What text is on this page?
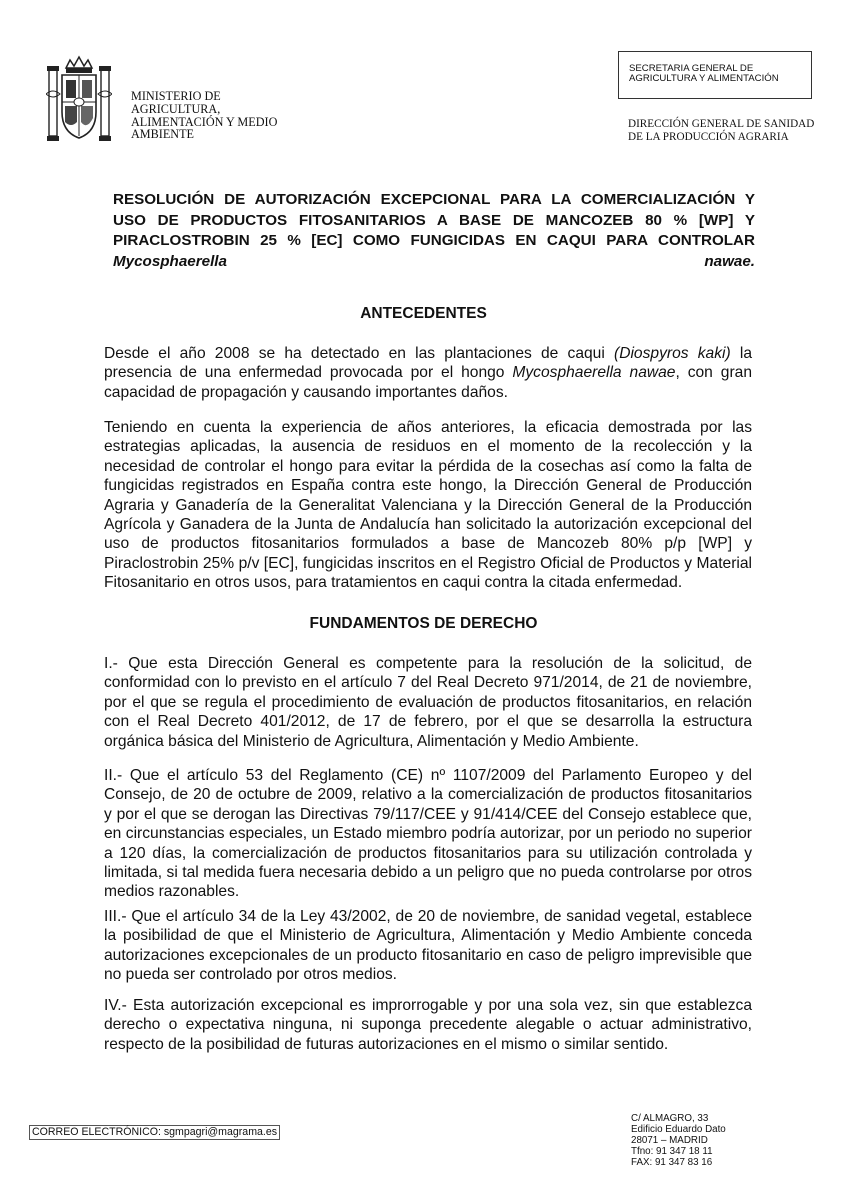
MINISTERIO DE
AGRICULTURA,
ALIMENTACIÓN Y MEDIO
AMBIENTE
SECRETARIA GENERAL DE
AGRICULTURA Y ALIMENTACIÓN
DIRECCIÓN GENERAL DE SANIDAD
DE LA PRODUCCIÓN AGRARIA
RESOLUCIÓN DE AUTORIZACIÓN EXCEPCIONAL PARA LA COMERCIALIZACIÓN Y
USO DE PRODUCTOS FITOSANITARIOS A BASE DE MANCOZEB 80 % [WP] Y
PIRACLOSTROBIN 25 % [EC] COMO FUNGICIDAS EN CAQUI PARA CONTROLAR
Mycosphaerella nawae.
ANTECEDENTES
Desde el año 2008 se ha detectado en las plantaciones de caqui (Diospyros kaki) la presencia de una enfermedad provocada por el hongo Mycosphaerella nawae, con gran capacidad de propagación y causando importantes daños.
Teniendo en cuenta la experiencia de años anteriores, la eficacia demostrada por las estrategias aplicadas, la ausencia de residuos en el momento de la recolección y la necesidad de controlar el hongo para evitar la pérdida de la cosechas así como la falta de fungicidas registrados en España contra este hongo, la Dirección General de Producción Agraria y Ganadería de la Generalitat Valenciana y la Dirección General de la Producción Agrícola y Ganadera de la Junta de Andalucía han solicitado la autorización excepcional del uso de productos fitosanitarios formulados a base de Mancozeb 80% p/p [WP] y Piraclostrobin 25% p/v [EC], fungicidas inscritos en el Registro Oficial de Productos y Material Fitosanitario en otros usos, para tratamientos en caqui contra la citada enfermedad.
FUNDAMENTOS DE DERECHO
I.- Que esta Dirección General es competente para la resolución de la solicitud, de conformidad con lo previsto en el artículo 7 del Real Decreto 971/2014, de 21 de noviembre, por el que se regula el procedimiento de evaluación de productos fitosanitarios, en relación con el Real Decreto 401/2012, de 17 de febrero, por el que se desarrolla la estructura orgánica básica del Ministerio de Agricultura, Alimentación y Medio Ambiente.
II.- Que el artículo 53 del Reglamento (CE) nº 1107/2009 del Parlamento Europeo y del Consejo, de 20 de octubre de 2009, relativo a la comercialización de productos fitosanitarios y por el que se derogan las Directivas 79/117/CEE y 91/414/CEE del Consejo establece que, en circunstancias especiales, un Estado miembro podría autorizar, por un periodo no superior a 120 días, la comercialización de productos fitosanitarios para su utilización controlada y limitada, si tal medida fuera necesaria debido a un peligro que no pueda controlarse por otros medios razonables.
III.- Que el artículo 34 de la Ley 43/2002, de 20 de noviembre, de sanidad vegetal, establece la posibilidad de que el Ministerio de Agricultura, Alimentación y Medio Ambiente conceda autorizaciones excepcionales de un producto fitosanitario en caso de peligro imprevisible que no pueda ser controlado por otros medios.
IV.- Esta autorización excepcional es improrrogable y por una sola vez, sin que establezca derecho o expectativa ninguna, ni suponga precedente alegable o actuar administrativo, respecto de la posibilidad de futuras autorizaciones en el mismo o similar sentido.
CORREO ELECTRÓNICO: sgmpagri@magrama.es
C/ ALMAGRO, 33
Edificio Eduardo Dato
28071 – MADRID
Tfno: 91 347 18 11
FAX: 91 347 83 16
